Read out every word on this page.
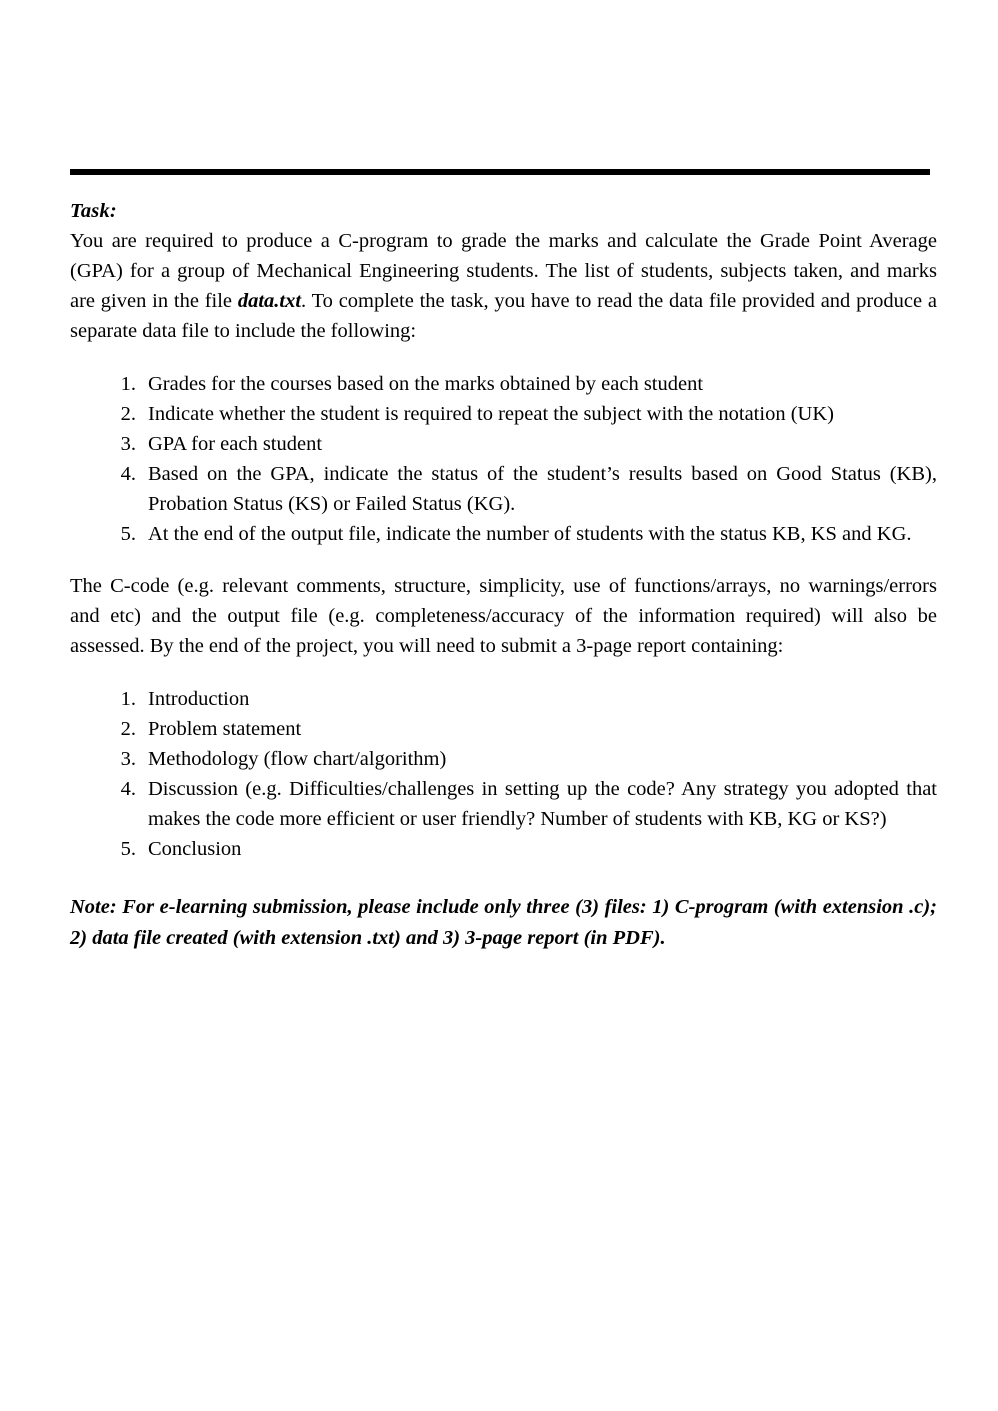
Task:

You are required to produce a C-program to grade the marks and calculate the Grade Point Average (GPA) for a group of Mechanical Engineering students. The list of students, subjects taken, and marks are given in the file data.txt. To complete the task, you have to read the data file provided and produce a separate data file to include the following:

1. Grades for the courses based on the marks obtained by each student
2. Indicate whether the student is required to repeat the subject with the notation (UK)
3. GPA for each student
4. Based on the GPA, indicate the status of the student’s results based on Good Status (KB), Probation Status (KS) or Failed Status (KG).
5. At the end of the output file, indicate the number of students with the status KB, KS and KG.

The C-code (e.g. relevant comments, structure, simplicity, use of functions/arrays, no warnings/errors and etc) and the output file (e.g. completeness/accuracy of the information required) will also be assessed. By the end of the project, you will need to submit a 3-page report containing:

1. Introduction
2. Problem statement
3. Methodology (flow chart/algorithm)
4. Discussion (e.g. Difficulties/challenges in setting up the code? Any strategy you adopted that makes the code more efficient or user friendly? Number of students with KB, KG or KS?)
5. Conclusion

Note: For e-learning submission, please include only three (3) files: 1) C-program (with extension .c); 2) data file created (with extension .txt) and 3) 3-page report (in PDF).
